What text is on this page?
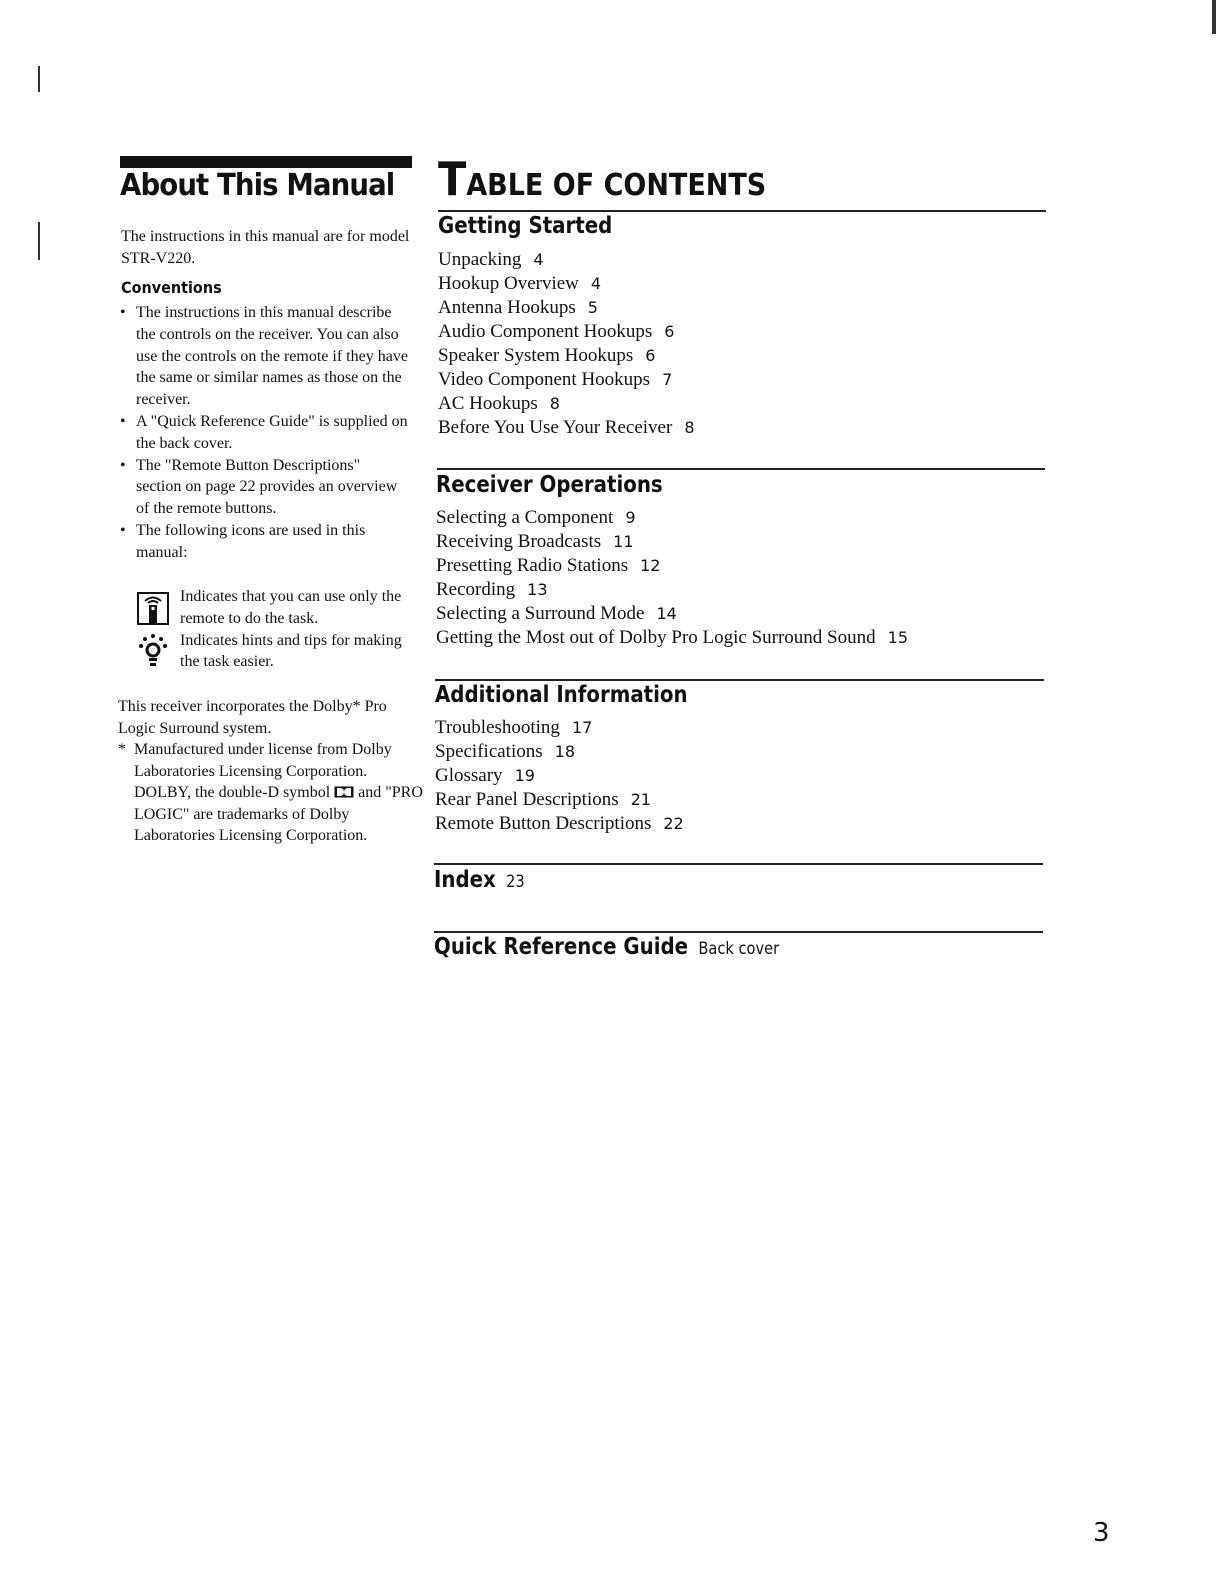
About This Manual

The instructions in this manual are for model STR-V220.

Conventions
• The instructions in this manual describe the controls on the receiver. You can also use the controls on the remote if they have the same or similar names as those on the receiver.
• A "Quick Reference Guide" is supplied on the back cover.
• The "Remote Button Descriptions" section on page 22 provides an overview of the remote buttons.
• The following icons are used in this manual:
Indicates that you can use only the remote to do the task.
Indicates hints and tips for making the task easier.

This receiver incorporates the Dolby* Pro Logic Surround system.

* Manufactured under license from Dolby Laboratories Licensing Corporation.
DOLBY, the double-D symbol and "PRO LOGIC" are trademarks of Dolby Laboratories Licensing Corporation.
TABLE OF CONTENTS
Getting Started
Unpacking 4
Hookup Overview 4
Antenna Hookups 5
Audio Component Hookups 6
Speaker System Hookups 6
Video Component Hookups 7
AC Hookups 8
Before You Use Your Receiver 8
Receiver Operations
Selecting a Component 9
Receiving Broadcasts 11
Presetting Radio Stations 12
Recording 13
Selecting a Surround Mode 14
Getting the Most out of Dolby Pro Logic Surround Sound 15
Additional Information
Troubleshooting 17
Specifications 18
Glossary 19
Rear Panel Descriptions 21
Remote Button Descriptions 22
Index 23
Quick Reference Guide Back cover
3
